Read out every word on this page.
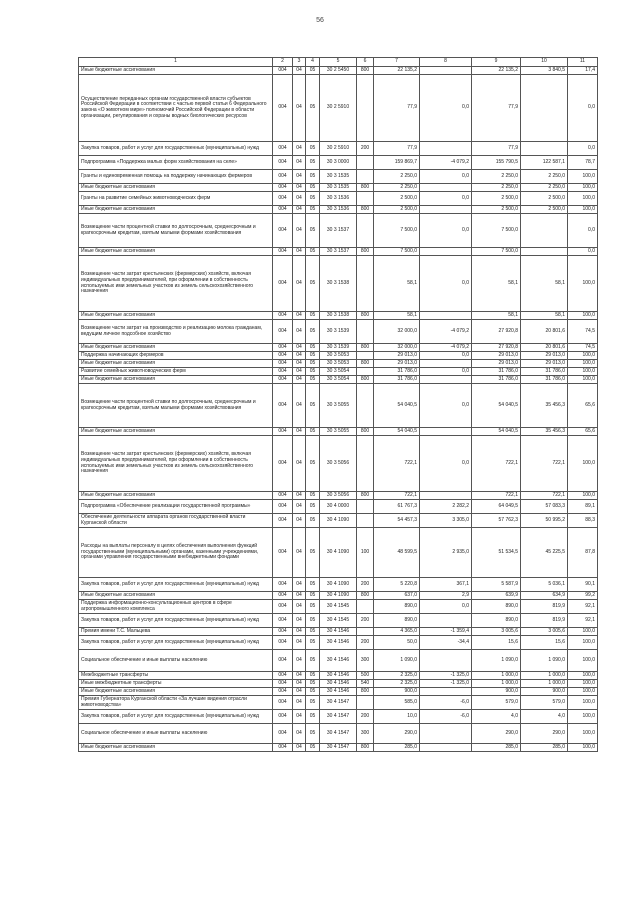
56
1	2	3	4	5	6	7	8	9	10	11
Иные бюджетные ассигнования	004	04	05	30 2 5450	800	22 135,2		22 135,2	3 840,5	17,4
Осуществление переданных органам государственной власти субъектов Российской Федерации в соответствии с частью первой статьи 6 Федерального закона «О животном мире» полномочий Российской Федерации в области организации, регулирования и охраны водных биологических ресурсов	004	04	05	30 2 5910		77,9	0,0	77,9		0,0
Закупка товаров, работ и услуг для государственных (муниципальных) нужд	004	04	05	30 2 5910	200	77,9		77,9		0,0
Подпрограмма «Поддержка малых форм хозяйствования на селе»	004	04	05	30 3 0000		159 869,7	-4 079,2	155 790,5	122 587,1	78,7
Гранты и единовременная помощь на поддержку начинающих фермеров	004	04	05	30 3 1535		2 250,0	0,0	2 250,0	2 250,0	100,0
Иные бюджетные ассигнования	004	04	05	30 3 1535	800	2 250,0		2 250,0	2 250,0	100,0
Гранты на развитие семейных животноводческих ферм	004	04	05	30 3 1536		2 500,0	0,0	2 500,0	2 500,0	100,0
Иные бюджетные ассигнования	004	04	05	30 3 1536	800	2 500,0		2 500,0	2 500,0	100,0
Возмещение части процентной ставки по долгосрочным, среднесрочным и краткосрочным кредитам, взятым малыми формами хозяйствования	004	04	05	30 3 1537		7 500,0	0,0	7 500,0		0,0
Иные бюджетные ассигнования	004	04	05	30 3 1537	800	7 500,0		7 500,0		0,0
Возмещение части затрат крестьянских (фермерских) хозяйств, включая индивидуальных предпринимателей, при оформлении в собственность используемых ими земельных участков из земель сельскохозяйственного назначения	004	04	05	30 3 1538		58,1	0,0	58,1	58,1	100,0
Иные бюджетные ассигнования	004	04	05	30 3 1538	800	58,1		58,1	58,1	100,0
Возмещение части затрат на производство и реализацию молока гражданам, ведущим личное подсобное хозяйство	004	04	05	30 3 1539		32 000,0	-4 079,2	27 920,8	20 801,6	74,5
Иные бюджетные ассигнования	004	04	05	30 3 1539	800	32 000,0	-4 079,2	27 920,8	20 801,6	74,5
Поддержка начинающих фермеров	004	04	05	30 3 5053		29 013,0	0,0	29 013,0	29 013,0	100,0
Иные бюджетные ассигнования	004	04	05	30 3 5053	800	29 013,0		29 013,0	29 013,0	100,0
Развитие семейных животноводческих ферм	004	04	05	30 3 5054		31 786,0	0,0	31 786,0	31 786,0	100,0
Иные бюджетные ассигнования	004	04	05	30 3 5054	800	31 786,0		31 786,0	31 786,0	100,0
Возмещение части процентной ставки по долгосрочным, среднесрочным и краткосрочным кредитам, взятым малыми формами хозяйствования	004	04	05	30 3 5055		54 040,5	0,0	54 040,5	35 456,3	65,6
Иные бюджетные ассигнования	004	04	05	30 3 5055	800	54 040,5		54 040,5	35 456,3	65,6
Возмещение части затрат крестьянских (фермерских) хозяйств, включая индивидуальных предпринимателей, при оформлении в собственность используемых ими земельных участков из земель сельскохозяйственного назначения	004	04	05	30 3 5056		722,1	0,0	722,1	722,1	100,0
Иные бюджетные ассигнования	004	04	05	30 3 5056	800	722,1		722,1	722,1	100,0
Подпрограмма «Обеспечение реализации государственной программы»	004	04	05	30 4 0000		61 767,3	2 282,2	64 049,5	57 083,3	89,1
Обеспечение деятельности аппарата органов государственной власти Курганской области	004	04	05	30 4 1090		54 457,3	3 305,0	57 762,3	50 995,2	88,3
Расходы на выплаты персоналу в целях обеспечения выполнения функций государственными (муниципальными) органами, казенными учреждениями, органами управления государственными внебюджетными фондами	004	04	05	30 4 1090	100	48 599,5	2 935,0	51 534,5	45 225,5	87,8
Закупка товаров, работ и услуг для государственных (муниципальных) нужд	004	04	05	30 4 1090	200	5 220,8	367,1	5 587,9	5 036,1	90,1
Иные бюджетные ассигнования	004	04	05	30 4 1090	800	637,0	2,9	639,9	634,9	99,2
Поддержка информационно-консультационных центров в сфере агропромышленного комплекса	004	04	05	30 4 1545		890,0	0,0	890,0	819,9	92,1
Закупка товаров, работ и услуг для государственных (муниципальных) нужд	004	04	05	30 4 1545	200	890,0		890,0	819,9	92,1
Премия имени Т.С. Мальцева	004	04	05	30 4 1546		4 365,0	-1 359,4	3 005,6	3 005,6	100,0
Закупка товаров, работ и услуг для государственных (муниципальных) нужд	004	04	05	30 4 1546	200	50,0	-34,4	15,6	15,6	100,0
Социальное обеспечение и иные выплаты населению	004	04	05	30 4 1546	300	1 090,0		1 090,0	1 090,0	100,0
Межбюджетные трансферты	004	04	05	30 4 1546	500	2 325,0	-1 325,0	1 000,0	1 000,0	100,0
Иные межбюджетные трансферты	004	04	05	30 4 1546	540	2 325,0	-1 325,0	1 000,0	1 000,0	100,0
Иные бюджетные ассигнования	004	04	05	30 4 1546	800	900,0		900,0	900,0	100,0
Премия Губернатора Курганской области «За лучшие видения отрасли животноводства»	004	04	05	30 4 1547		585,0	-6,0	579,0	579,0	100,0
Закупка товаров, работ и услуг для государственных (муниципальных) нужд	004	04	05	30 4 1547	200	10,0	-6,0	4,0	4,0	100,0
Социальное обеспечение и иные выплаты населению	004	04	05	30 4 1547	300	290,0		290,0	290,0	100,0
Иные бюджетные ассигнования	004	04	05	30 4 1547	800	285,0		285,0	285,0	100,0
